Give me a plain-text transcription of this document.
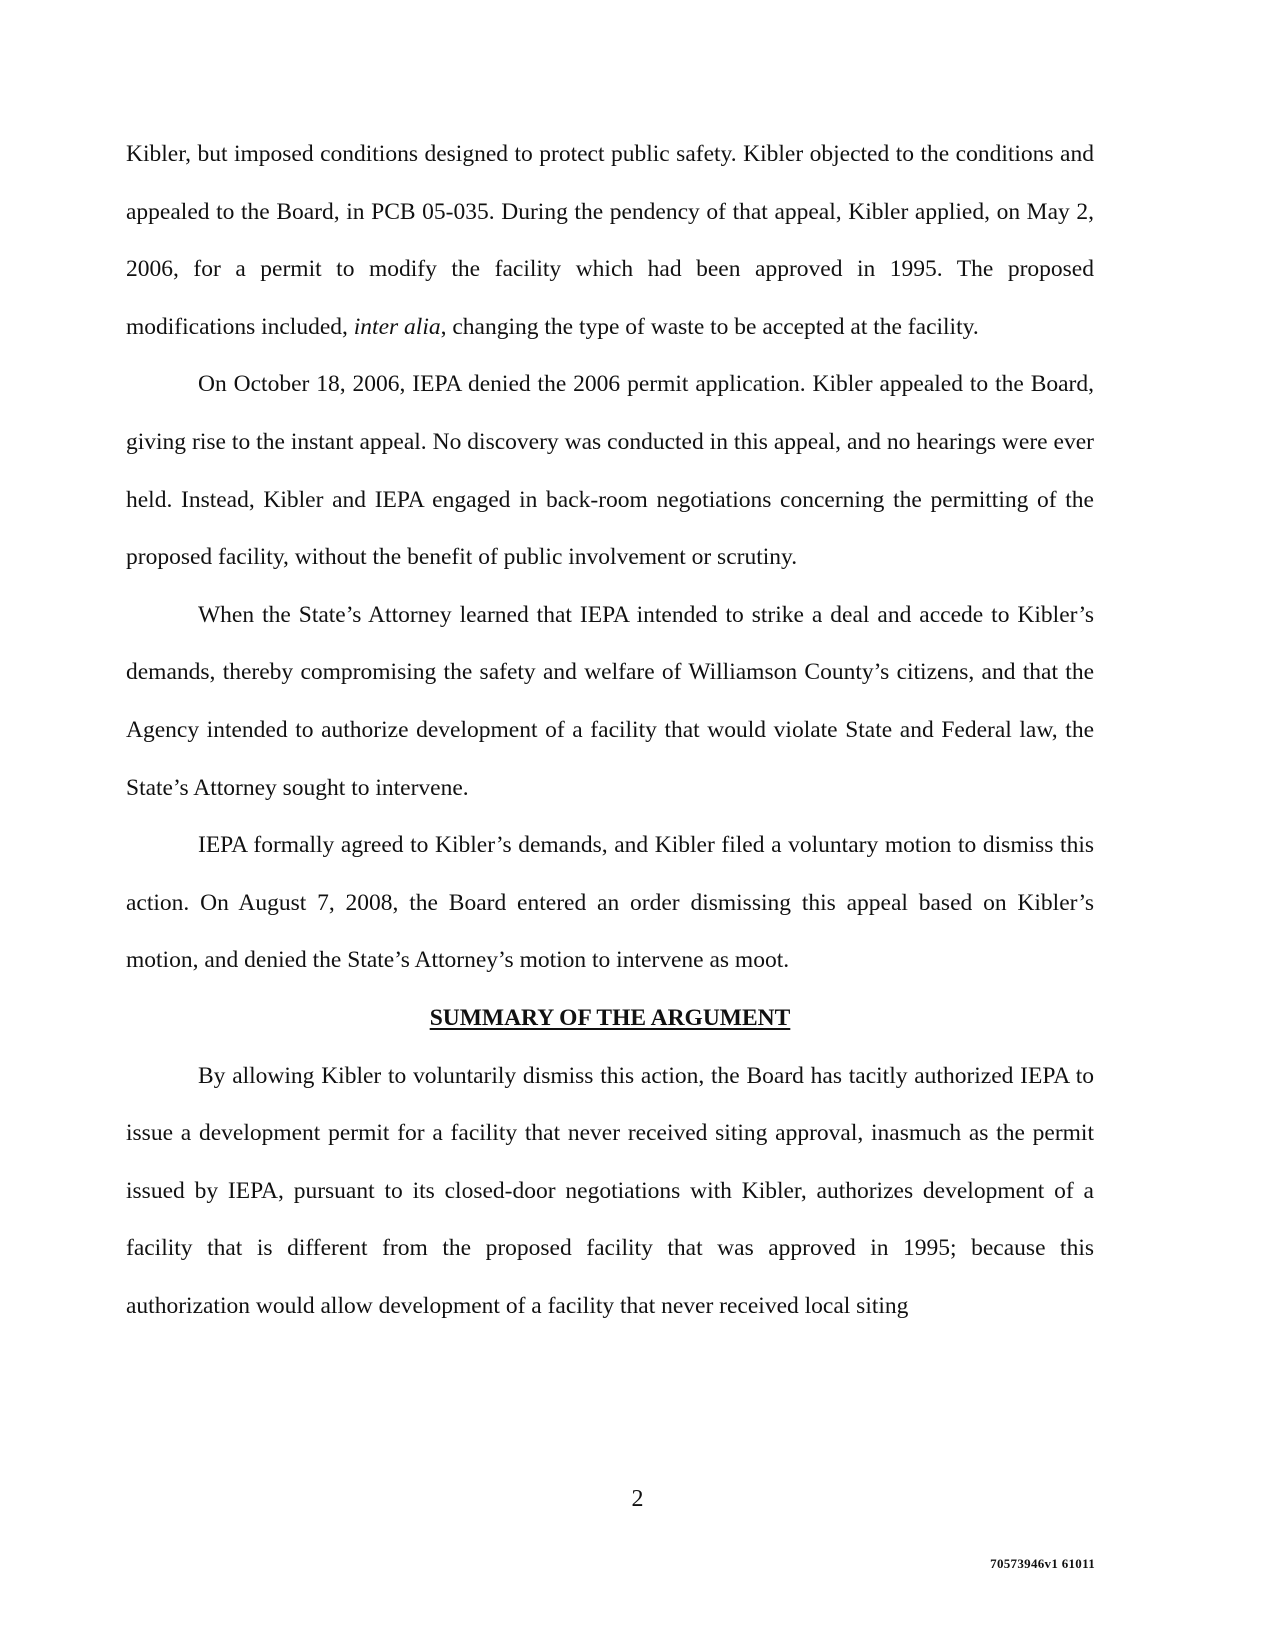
Kibler, but imposed conditions designed to protect public safety. Kibler objected to the conditions and appealed to the Board, in PCB 05-035. During the pendency of that appeal, Kibler applied, on May 2, 2006, for a permit to modify the facility which had been approved in 1995. The proposed modifications included, inter alia, changing the type of waste to be accepted at the facility.

On October 18, 2006, IEPA denied the 2006 permit application. Kibler appealed to the Board, giving rise to the instant appeal. No discovery was conducted in this appeal, and no hearings were ever held. Instead, Kibler and IEPA engaged in back-room negotiations concerning the permitting of the proposed facility, without the benefit of public involvement or scrutiny.

When the State’s Attorney learned that IEPA intended to strike a deal and accede to Kibler’s demands, thereby compromising the safety and welfare of Williamson County’s citizens, and that the Agency intended to authorize development of a facility that would violate State and Federal law, the State’s Attorney sought to intervene.

IEPA formally agreed to Kibler’s demands, and Kibler filed a voluntary motion to dismiss this action. On August 7, 2008, the Board entered an order dismissing this appeal based on Kibler’s motion, and denied the State’s Attorney’s motion to intervene as moot.

SUMMARY OF THE ARGUMENT

By allowing Kibler to voluntarily dismiss this action, the Board has tacitly authorized IEPA to issue a development permit for a facility that never received siting approval, inasmuch as the permit issued by IEPA, pursuant to its closed-door negotiations with Kibler, authorizes development of a facility that is different from the proposed facility that was approved in 1995; because this authorization would allow development of a facility that never received local siting

2
70573946v1 61011
